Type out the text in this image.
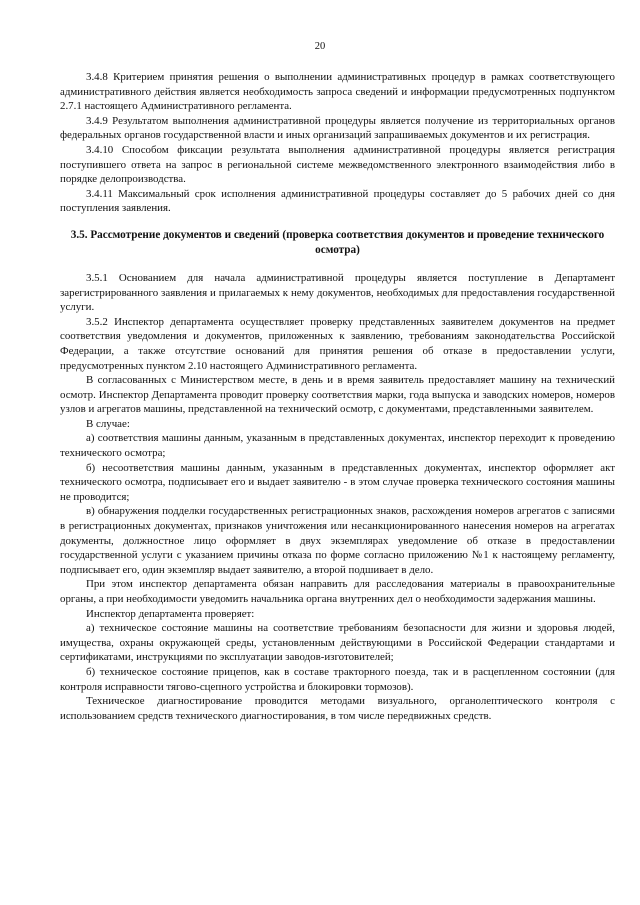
20

3.4.8 Критерием принятия решения о выполнении административных процедур в рамках соответствующего административного действия является необходимость запроса сведений и информации предусмотренных подпунктом 2.7.1 настоящего Административного регламента.

3.4.9 Результатом выполнения административной процедуры является получение из территориальных органов федеральных органов государственной власти и иных организаций запрашиваемых документов и их регистрация.

3.4.10 Способом фиксации результата выполнения административной процедуры является регистрация поступившего ответа на запрос в региональной системе межведомственного электронного взаимодействия либо в порядке делопроизводства.

3.4.11 Максимальный срок исполнения административной процедуры составляет до 5 рабочих дней со дня поступления заявления.

3.5. Рассмотрение документов и сведений (проверка соответствия документов и проведение технического осмотра)

3.5.1 Основанием для начала административной процедуры является поступление в Департамент зарегистрированного заявления и прилагаемых к нему документов, необходимых для предоставления государственной услуги.

3.5.2 Инспектор департамента осуществляет проверку представленных заявителем документов на предмет соответствия уведомления и документов, приложенных к заявлению, требованиям законодательства Российской Федерации, а также отсутствие оснований для принятия решения об отказе в предоставлении услуги, предусмотренных пунктом 2.10 настоящего Административного регламента.

В согласованных с Министерством месте, в день и в время заявитель предоставляет машину на технический осмотр. Инспектор Департамента проводит проверку соответствия марки, года выпуска и заводских номеров, номеров узлов и агрегатов машины, представленной на технический осмотр, с документами, представленными заявителем.

В случае:

а) соответствия машины данным, указанным в представленных документах, инспектор переходит к проведению технического осмотра;

б) несоответствия машины данным, указанным в представленных документах, инспектор оформляет акт технического осмотра, подписывает его и выдает заявителю - в этом случае проверка технического состояния машины не проводится;

в) обнаружения подделки государственных регистрационных знаков, расхождения номеров агрегатов с записями в регистрационных документах, признаков уничтожения или несанкционированного нанесения номеров на агрегатах документы, должностное лицо оформляет в двух экземплярах уведомление об отказе в предоставлении государственной услуги с указанием причины отказа по форме согласно приложению №1 к настоящему регламенту, подписывает его, один экземпляр выдает заявителю, а второй подшивает в дело.

При этом инспектор департамента обязан направить для расследования материалы в правоохранительные органы, а при необходимости уведомить начальника органа внутренних дел о необходимости задержания машины.

Инспектор департамента проверяет:

а) техническое состояние машины на соответствие требованиям безопасности для жизни и здоровья людей, имущества, охраны окружающей среды, установленным действующими в Российской Федерации стандартами и сертификатами, инструкциями по эксплуатации заводов-изготовителей;

б) техническое состояние прицепов, как в составе тракторного поезда, так и в расцепленном состоянии (для контроля исправности тягово-сцепного устройства и блокировки тормозов).

Техническое диагностирование проводится методами визуального, органолептического контроля с использованием средств технического диагностирования, в том числе передвижных средств.
